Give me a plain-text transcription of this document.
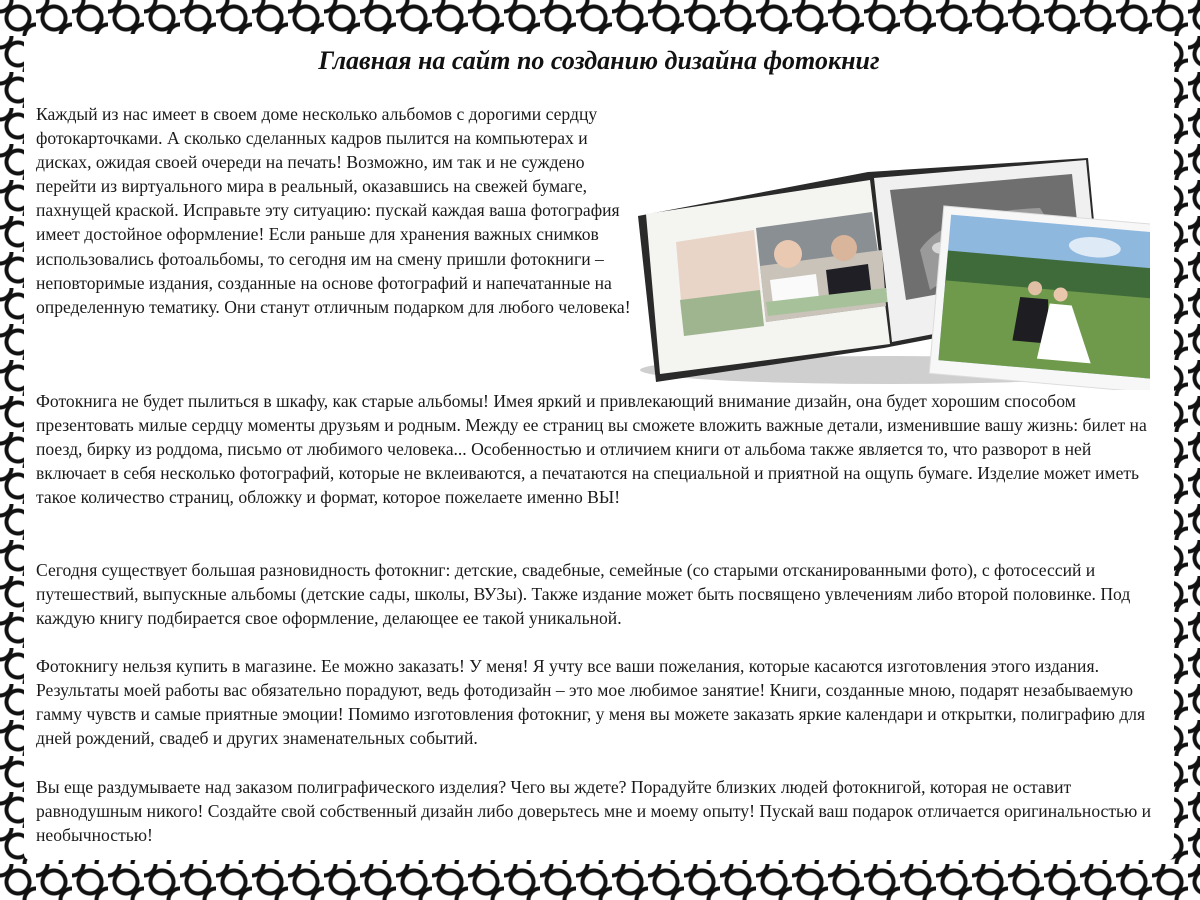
Главная на сайт по созданию дизайна фотокниг

Каждый из нас имеет в своем доме несколько альбомов с дорогими сердцу фотокарточками. А сколько сделанных кадров пылится на компьютерах и дисках, ожидая своей очереди на печать! Возможно, им так и не суждено перейти из виртуального мира в реальный, оказавшись на свежей бумаге, пахнущей краской. Исправьте эту ситуацию: пускай каждая ваша фотография имеет достойное оформление! Если раньше для хранения важных снимков использовались фотоальбомы, то сегодня им на смену пришли фотокниги – неповторимые издания, созданные на основе фотографий и напечатанные на определенную тематику. Они станут отличным подарком для любого человека!

Фотокнига не будет пылиться в шкафу, как старые альбомы! Имея яркий и привлекающий внимание дизайн, она будет хорошим способом презентовать милые сердцу моменты друзьям и родным. Между ее страниц вы сможете вложить важные детали, изменившие вашу жизнь: билет на поезд, бирку из роддома, письмо от любимого человека... Особенностью и отличием книги от альбома также является то, что разворот в ней включает в себя несколько фотографий, которые не вклеиваются, а печатаются на специальной и приятной на ощупь бумаге. Изделие может иметь такое количество страниц, обложку и формат, которое пожелаете именно ВЫ!

Сегодня существует большая разновидность фотокниг: детские, свадебные, семейные (со старыми отсканированными фото), с фотосессий и путешествий, выпускные альбомы (детские сады, школы, ВУЗы). Также издание может быть посвящено увлечениям либо второй половинке. Под каждую книгу подбирается свое оформление, делающее ее такой уникальной.

Фотокнигу нельзя купить в магазине. Ее можно заказать! У меня! Я учту все ваши пожелания, которые касаются изготовления этого издания. Результаты моей работы вас обязательно порадуют, ведь фотодизайн – это мое любимое занятие! Книги, созданные мною, подарят незабываемую гамму чувств и самые приятные эмоции! Помимо изготовления фотокниг, у меня вы можете заказать яркие календари и открытки, полиграфию для дней рождений, свадеб и других знаменательных событий.

Вы еще раздумываете над заказом полиграфического изделия? Чего вы ждете? Порадуйте близких людей фотокнигой, которая не оставит равнодушным никого! Создайте свой собственный дизайн либо доверьтесь мне и моему опыту! Пускай ваш подарок отличается оригинальностью и необычностью!
